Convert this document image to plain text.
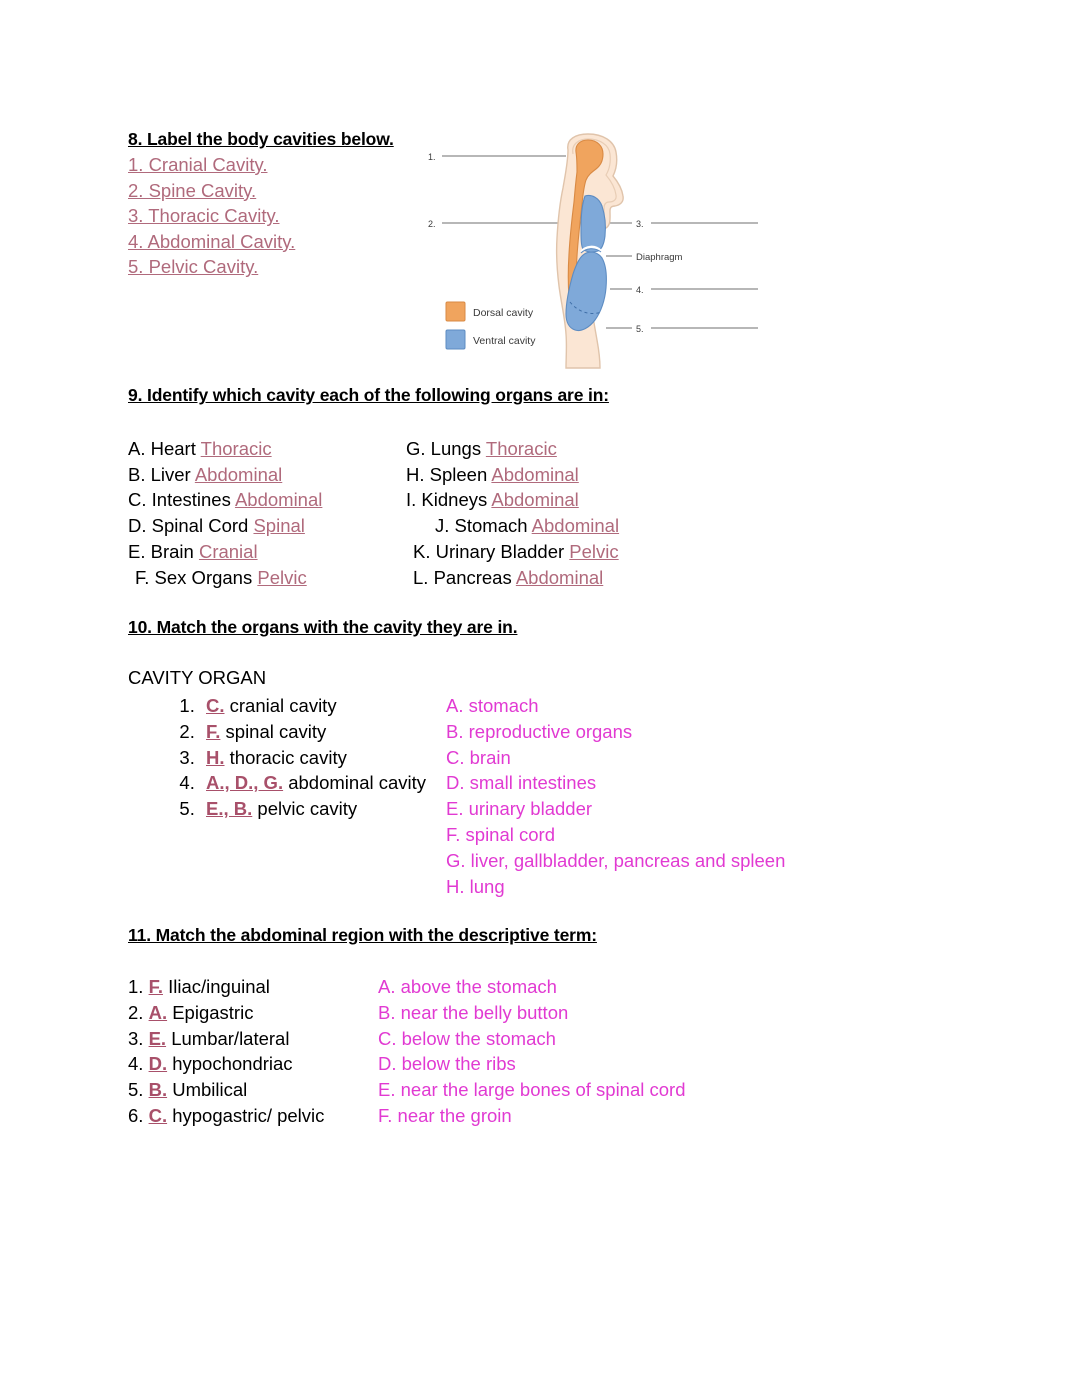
8. Label the body cavities below.
1. Cranial Cavity.
2. Spine Cavity.
3. Thoracic Cavity.
4. Abdominal Cavity.
5. Pelvic Cavity.
1.
2.	3.
4.
5.
Diaphragm
Dorsal cavity
Ventral cavity
9. Identify which cavity each of the following organs are in:
A. Heart Thoracic
B. Liver Abdominal
C. Intestines Abdominal
D. Spinal Cord Spinal
E. Brain Cranial
F. Sex Organs Pelvic
G. Lungs Thoracic
H. Spleen Abdominal
I. Kidneys Abdominal
J. Stomach Abdominal
K. Urinary Bladder Pelvic
L. Pancreas Abdominal
10. Match the organs with the cavity they are in.
CAVITY ORGAN
1. C. cranial cavity
2. F. spinal cavity
3. H. thoracic cavity
4. A., D., G. abdominal cavity
5. E., B. pelvic cavity
A. stomach
B. reproductive organs
C. brain
D. small intestines
E. urinary bladder
F. spinal cord
G. liver, gallbladder, pancreas and spleen
H. lung
11. Match the abdominal region with the descriptive term:
1. F. Iliac/inguinal
2. A. Epigastric
3. E. Lumbar/lateral
4. D. hypochondriac
5. B. Umbilical
6. C. hypogastric/ pelvic
A. above the stomach
B. near the belly button
C. below the stomach
D. below the ribs
E. near the large bones of spinal cord
F. near the groin
